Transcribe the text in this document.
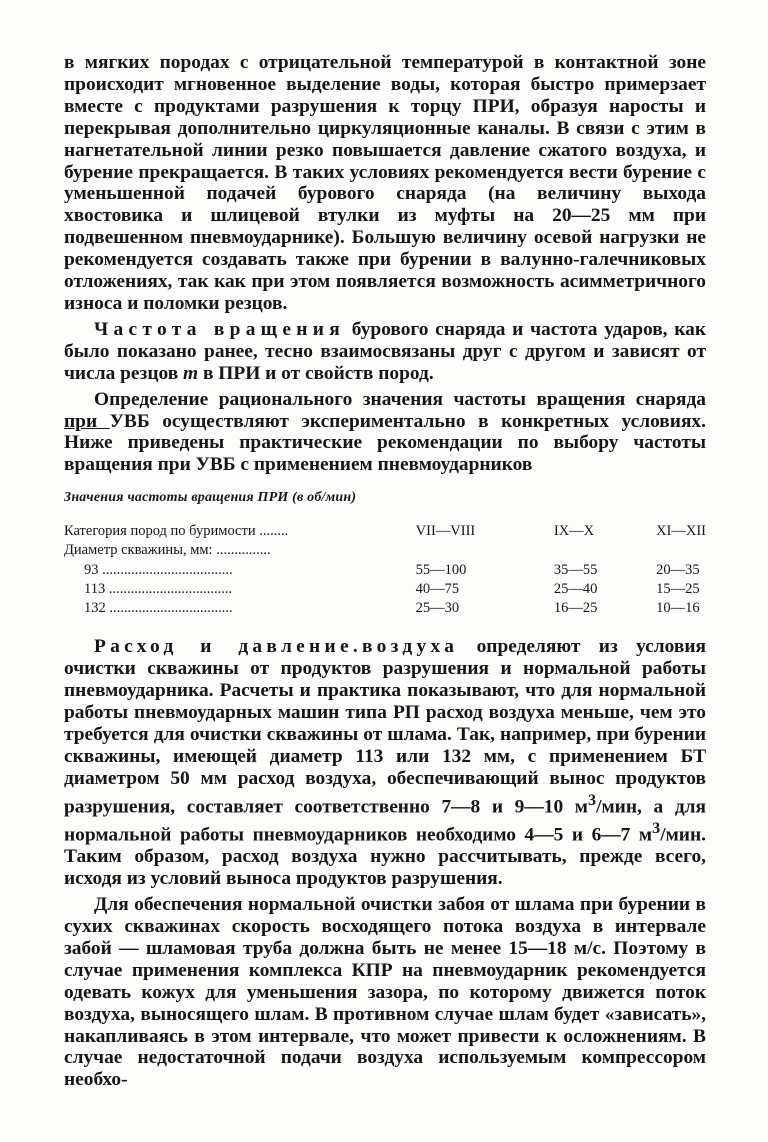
в мягких породах с отрицательной температурой в контактной зоне происходит мгновенное выделение воды, которая быстро примерзает вместе с продуктами разрушения к торцу ПРИ, образуя наросты и перекрывая дополнительно циркуляционные каналы. В связи с этим в нагнетательной линии резко повышается давление сжатого воздуха, и бурение прекращается. В таких условиях рекомендуется вести бурение с уменьшенной подачей бурового снаряда (на величину выхода хвостовика и шлицевой втулки из муфты на 20—25 мм при подвешенном пневмоударнике). Большую величину осевой нагрузки не рекомендуется создавать также при бурении в валунно-галечниковых отложениях, так как при этом появляется возможность асимметричного износа и поломки резцов.

Частота вращения бурового снаряда и частота ударов, как было показано ранее, тесно взаимосвязаны друг с другом и зависят от числа резцов т в ПРИ и от свойств пород.

Определение рационального значения частоты вращения снаряда при УВБ осуществляют экспериментально в конкретных условиях. Ниже приведены практические рекомендации по выбору частоты вращения при УВБ с применением пневмоударников

Значения частоты вращения ПРИ (в об/мин)
Категория пород по буримости ........	VII—VIII	IX—X	XI—XII
Диаметр скважины, мм: ...............			
93 ....................................	55—100	35—55	20—35
113 ..................................	40—75	25—40	15—25
132 ..................................	25—30	16—25	10—16

Расход и давление.воздуха определяют из условия очистки скважины от продуктов разрушения и нормальной работы пневмоударника. Расчеты и практика показывают, что для нормальной работы пневмоударных машин типа РП расход воздуха меньше, чем это требуется для очистки скважины от шлама. Так, например, при бурении скважины, имеющей диаметр 113 или 132 мм, с применением БТ диаметром 50 мм расход воздуха, обеспечивающий вынос продуктов разрушения, составляет соответственно 7—8 и 9—10 $м^3$/мин, а для нормальной работы пневмоударников необходимо 4—5 и 6—7 $м^3$/мин. Таким образом, расход воздуха нужно рассчитывать, прежде всего, исходя из условий выноса продуктов разрушения.

Для обеспечения нормальной очистки забоя от шлама при бурении в сухих скважинах скорость восходящего потока воздуха в интервале забой — шламовая труба должна быть не менее 15—18 м/с. Поэтому в случае применения комплекса КПР на пневмоударник рекомендуется одевать кожух для уменьшения зазора, по которому движется поток воздуха, выносящего шлам. В противном случае шлам будет «зависать», накапливаясь в этом интервале, что может привести к осложнениям. В случае недостаточной подачи воздуха используемым компрессором необхо-
